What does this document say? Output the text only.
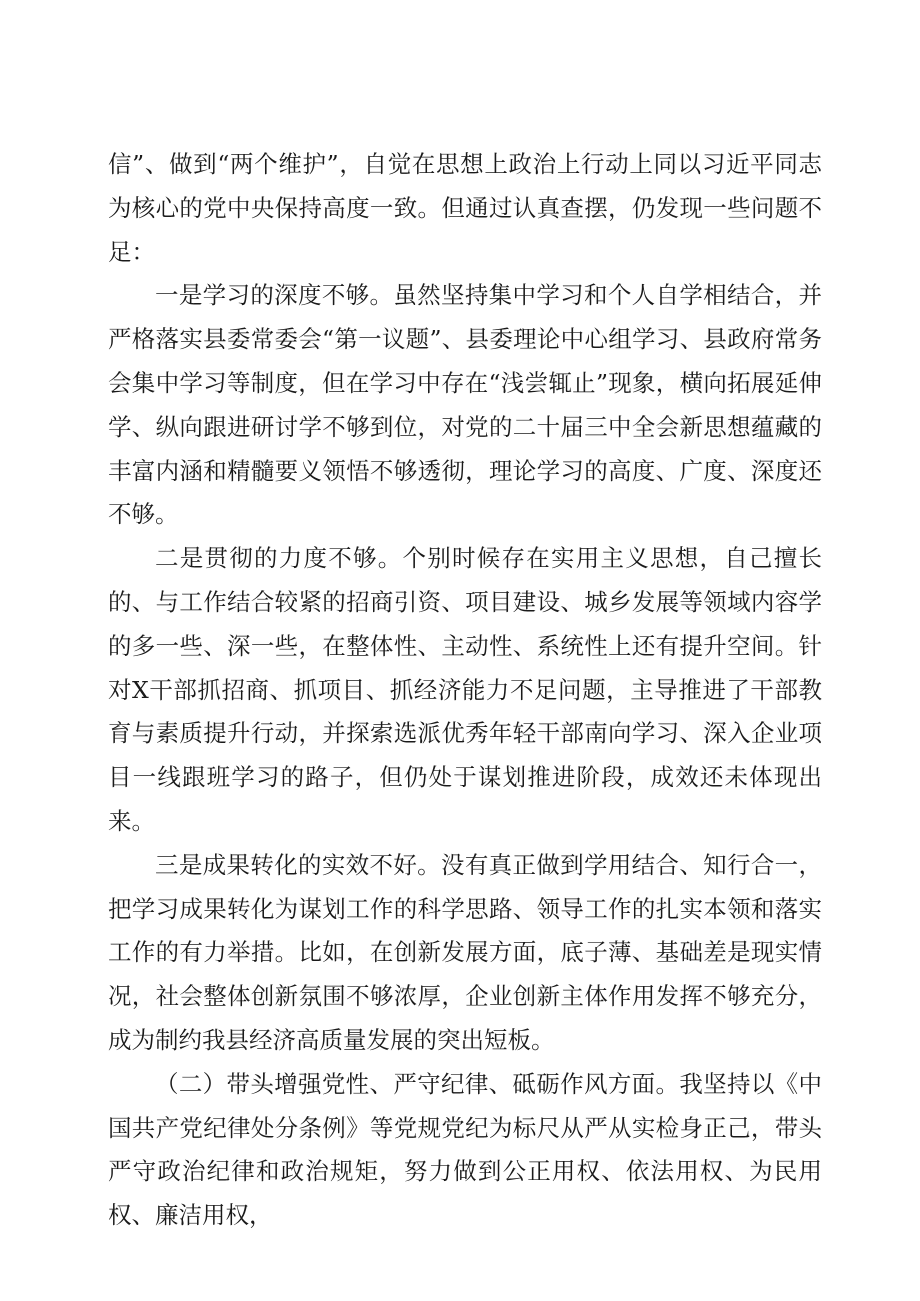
信”、做到“两个维护”，自觉在思想上政治上行动上同以习近平同志为核心的党中央保持高度一致。但通过认真查摆，仍发现一些问题不足：

一是学习的深度不够。虽然坚持集中学习和个人自学相结合，并严格落实县委常委会“第一议题”、县委理论中心组学习、县政府常务会集中学习等制度，但在学习中存在“浅尝辄止”现象，横向拓展延伸学、纵向跟进研讨学不够到位，对党的二十届三中全会新思想蕴藏的丰富内涵和精髓要义领悟不够透彻，理论学习的高度、广度、深度还不够。

二是贯彻的力度不够。个别时候存在实用主义思想，自己擅长的、与工作结合较紧的招商引资、项目建设、城乡发展等领域内容学的多一些、深一些，在整体性、主动性、系统性上还有提升空间。针对X干部抓招商、抓项目、抓经济能力不足问题，主导推进了干部教育与素质提升行动，并探索选派优秀年轻干部南向学习、深入企业项目一线跟班学习的路子，但仍处于谋划推进阶段，成效还未体现出来。

三是成果转化的实效不好。没有真正做到学用结合、知行合一，把学习成果转化为谋划工作的科学思路、领导工作的扎实本领和落实工作的有力举措。比如，在创新发展方面，底子薄、基础差是现实情况，社会整体创新氛围不够浓厚，企业创新主体作用发挥不够充分，成为制约我县经济高质量发展的突出短板。

（二）带头增强党性、严守纪律、砥砺作风方面。我坚持以《中国共产党纪律处分条例》等党规党纪为标尺从严从实检身正己，带头严守政治纪律和政治规矩，努力做到公正用权、依法用权、为民用权、廉洁用权，
